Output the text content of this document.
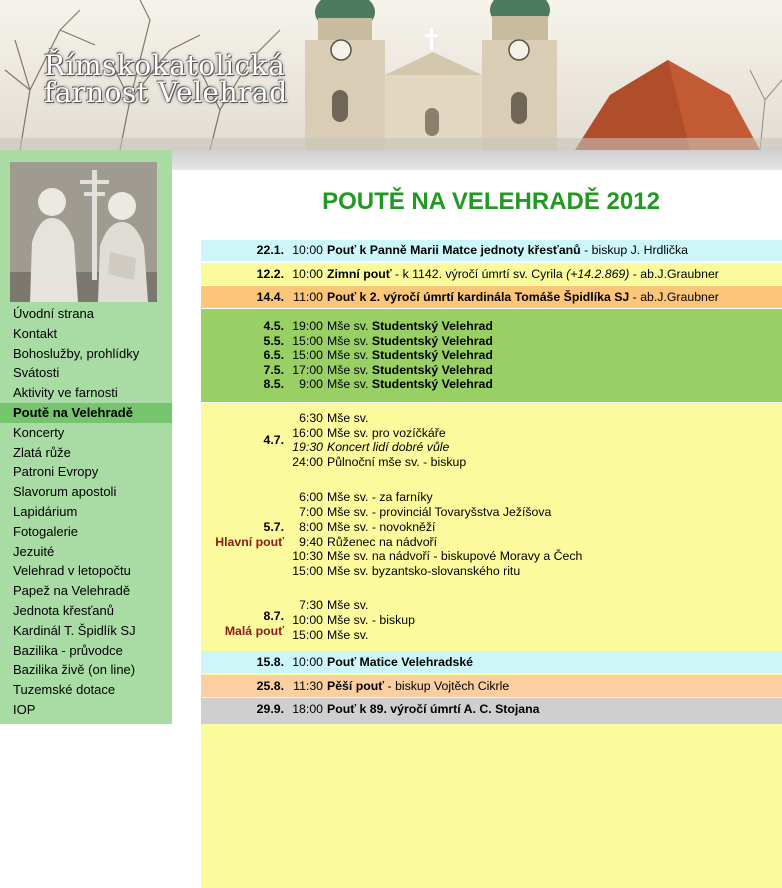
Římskokatolická
farnost Velehrad
Úvodní strana
Kontakt
Bohoslužby, prohlídky
Svátosti
Aktivity ve farnosti
Poutě na Velehradě
Koncerty
Zlatá růže
Patroni Evropy
Slavorum apostoli
Lapidárium
Fotogalerie
Jezuité
Velehrad v letopočtu
Papež na Velehradě
Jednota křesťanů
Kardinál T. Špidlík SJ
Bazilika - průvodce
Bazilika živě (on line)
Tuzemské dotace
IOP
POUTĚ NA VELEHRADĚ 2012
22.1. 10:00 Pouť k Panně Marii Matce jednoty křesťanů - biskup J. Hrdlička
12.2. 10:00 Zimní pouť - k 1142. výročí úmrtí sv. Cyrila (+14.2.869) - ab.J.Graubner
14.4. 11:00 Pouť k 2. výročí úmrtí kardinála Tomáše Špidlíka SJ - ab.J.Graubner
4.5. 19:00 Mše sv. Studentský Velehrad
5.5. 15:00 Mše sv. Studentský Velehrad
6.5. 15:00 Mše sv. Studentský Velehrad
7.5. 17:00 Mše sv. Studentský Velehrad
8.5.	9:00 Mše sv. Studentský Velehrad
4.7.
6:30 Mše sv.
16:00 Mše sv. pro vozíčkáře
19:30 Koncert lidí dobré vůle
24:00 Půlnoční mše sv. - biskup
5.7.
Hlavní pouť
6:00 Mše sv. - za farníky
7:00 Mše sv. - provinciál Tovaryšstva Ježíšova
8:00 Mše sv. - novokněží
9:40 Růženec na nádvoří
10:30 Mše sv. na nádvoří - biskupové Moravy a Čech
15:00 Mše sv. byzantsko-slovanského ritu
8.7.
Malá pouť
7:30 Mše sv.
10:00 Mše sv. - biskup
15:00 Mše sv.
15.8. 10:00 Pouť Matice Velehradské
25.8. 11:30 Pěší pouť - biskup Vojtěch Cikrle
29.9. 18:00 Pouť k 89. výročí úmrtí A. C. Stojana
